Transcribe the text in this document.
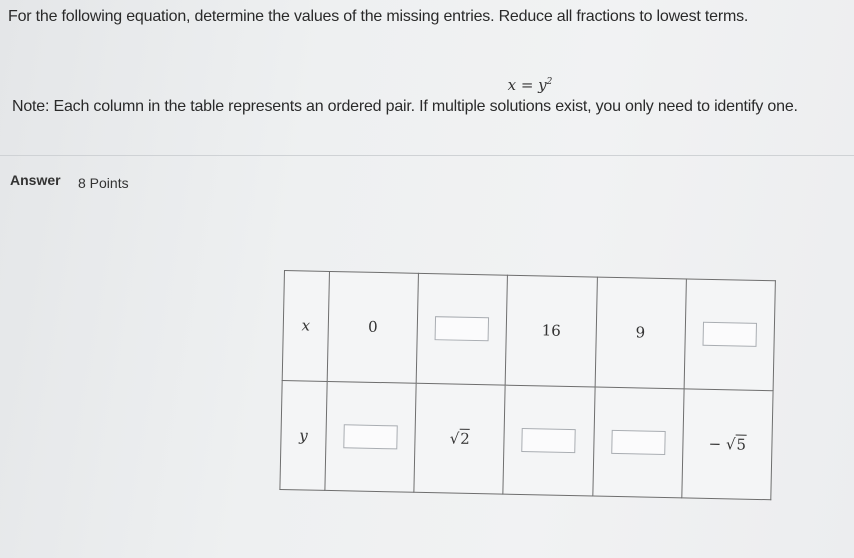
For the following equation, determine the values of the missing entries. Reduce all fractions to lowest terms.
$x = y^2$
Note: Each column in the table represents an ordered pair. If multiple solutions exist, you only need to identify one.
Answer 8 Points
x	0		16	9	
y		√2			− √5
